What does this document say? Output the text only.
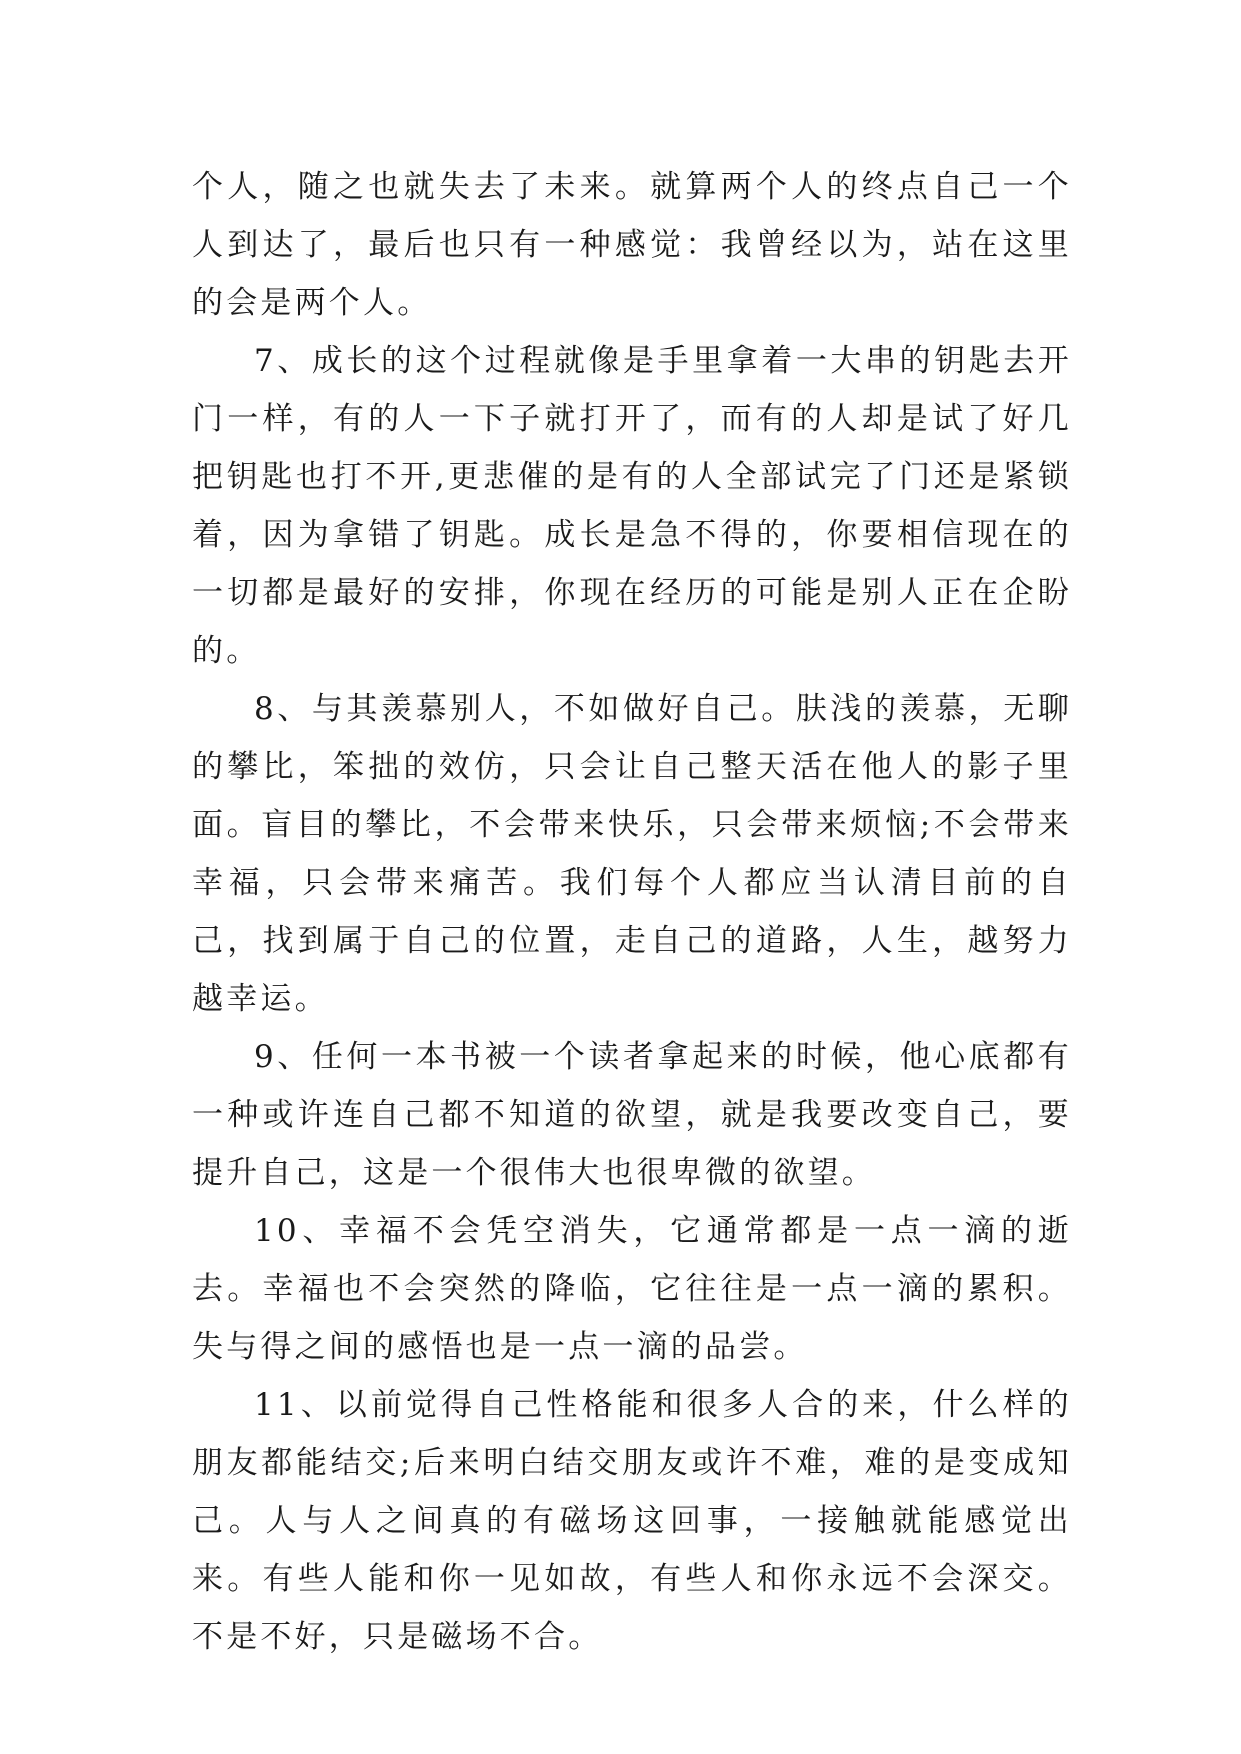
个人，随之也就失去了未来。就算两个人的终点自己一个人到达了，最后也只有一种感觉：我曾经以为，站在这里的会是两个人。

7、成长的这个过程就像是手里拿着一大串的钥匙去开门一样，有的人一下子就打开了，而有的人却是试了好几把钥匙也打不开,更悲催的是有的人全部试完了门还是紧锁着，因为拿错了钥匙。成长是急不得的，你要相信现在的一切都是最好的安排，你现在经历的可能是别人正在企盼的。

8、与其羡慕别人，不如做好自己。肤浅的羡慕，无聊的攀比，笨拙的效仿，只会让自己整天活在他人的影子里面。盲目的攀比，不会带来快乐，只会带来烦恼;不会带来幸福，只会带来痛苦。我们每个人都应当认清目前的自己，找到属于自己的位置，走自己的道路，人生，越努力越幸运。

9、任何一本书被一个读者拿起来的时候，他心底都有一种或许连自己都不知道的欲望，就是我要改变自己，要提升自己，这是一个很伟大也很卑微的欲望。

10、幸福不会凭空消失，它通常都是一点一滴的逝去。幸福也不会突然的降临，它往往是一点一滴的累积。失与得之间的感悟也是一点一滴的品尝。

11、以前觉得自己性格能和很多人合的来，什么样的朋友都能结交;后来明白结交朋友或许不难，难的是变成知己。人与人之间真的有磁场这回事，一接触就能感觉出来。有些人能和你一见如故，有些人和你永远不会深交。不是不好，只是磁场不合。
